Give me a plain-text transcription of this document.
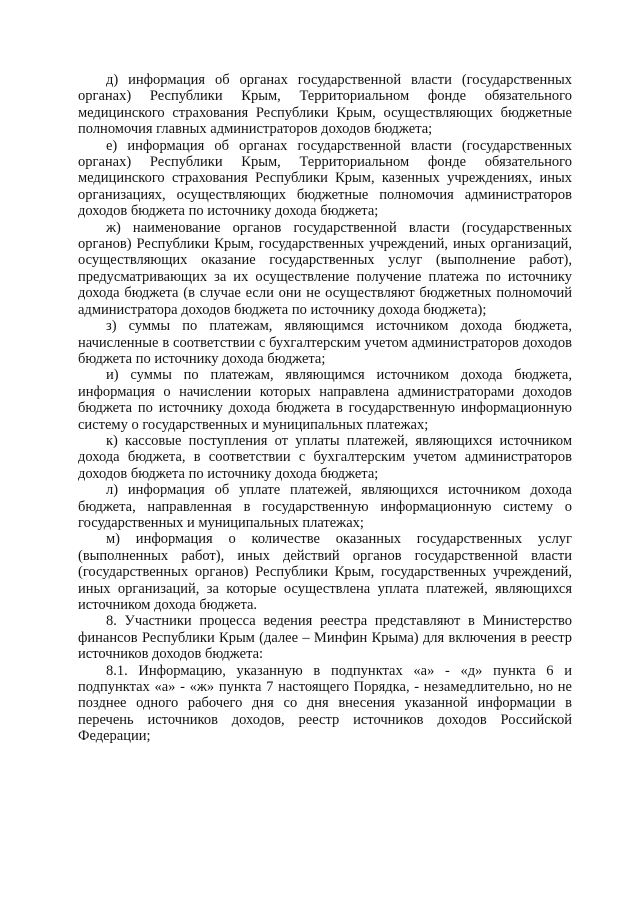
д) информация об органах государственной власти (государственных органах) Республики Крым, Территориальном фонде обязательного медицинского страхования Республики Крым, осуществляющих бюджетные полномочия главных администраторов доходов бюджета;

е) информация об органах государственной власти (государственных органах) Республики Крым, Территориальном фонде обязательного медицинского страхования Республики Крым, казенных учреждениях, иных организациях, осуществляющих бюджетные полномочия администраторов доходов бюджета по источнику дохода бюджета;

ж) наименование органов государственной власти (государственных органов) Республики Крым, государственных учреждений, иных организаций, осуществляющих оказание государственных услуг (выполнение работ), предусматривающих за их осуществление получение платежа по источнику дохода бюджета (в случае если они не осуществляют бюджетных полномочий администратора доходов бюджета по источнику дохода бюджета);

з) суммы по платежам, являющимся источником дохода бюджета, начисленные в соответствии с бухгалтерским учетом администраторов доходов бюджета по источнику дохода бюджета;

и) суммы по платежам, являющимся источником дохода бюджета, информация о начислении которых направлена администраторами доходов бюджета по источнику дохода бюджета в государственную информационную систему о государственных и муниципальных платежах;

к) кассовые поступления от уплаты платежей, являющихся источником дохода бюджета, в соответствии с бухгалтерским учетом администраторов доходов бюджета по источнику дохода бюджета;

л) информация об уплате платежей, являющихся источником дохода бюджета, направленная в государственную информационную систему о государственных и муниципальных платежах;

м) информация о количестве оказанных государственных услуг (выполненных работ), иных действий органов государственной власти (государственных органов) Республики Крым, государственных учреждений, иных организаций, за которые осуществлена уплата платежей, являющихся источником дохода бюджета.

8. Участники процесса ведения реестра представляют в Министерство финансов Республики Крым (далее – Минфин Крыма) для включения в реестр источников доходов бюджета:

8.1. Информацию, указанную в подпунктах «а» - «д» пункта 6 и подпунктах «а» - «ж» пункта 7 настоящего Порядка, - незамедлительно, но не позднее одного рабочего дня со дня внесения указанной информации в перечень источников доходов, реестр источников доходов Российской Федерации;
